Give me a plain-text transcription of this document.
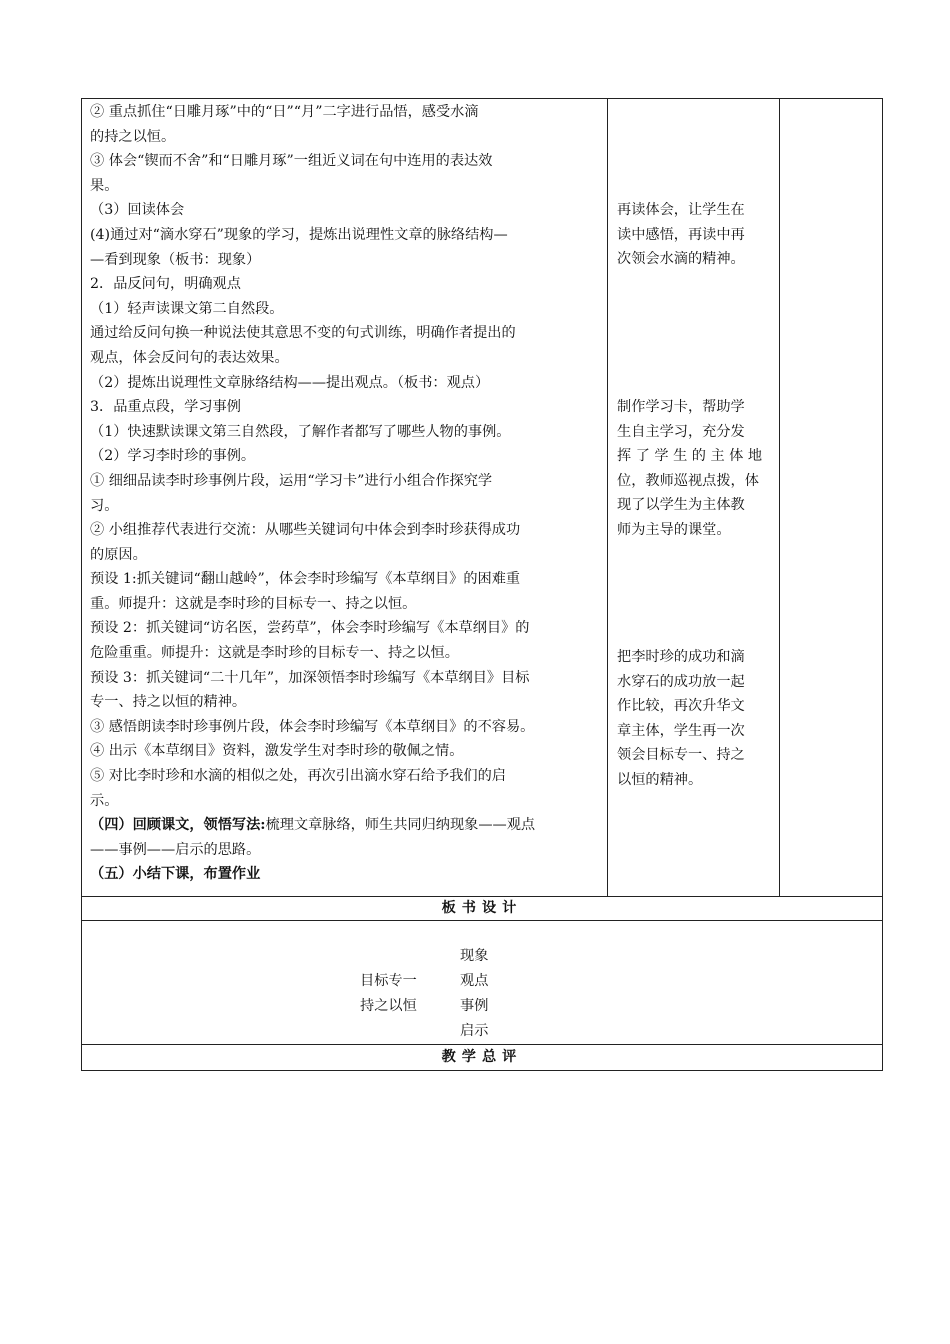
② 重点抓住“日雕月琢”中的“日”“月”二字进行品悟，感受水滴
的持之以恒。
③ 体会“锲而不舍”和“日雕月琢”一组近义词在句中连用的表达效
果。
（3）回读体会
(4)通过对“滴水穿石”现象的学习，提炼出说理性文章的脉络结构—
—看到现象（板书：现象）
2．品反问句，明确观点
（1）轻声读课文第二自然段。
通过给反问句换一种说法使其意思不变的句式训练，明确作者提出的
观点，体会反问句的表达效果。
（2）提炼出说理性文章脉络结构——提出观点。（板书：观点）
3．品重点段，学习事例
（1）快速默读课文第三自然段，了解作者都写了哪些人物的事例。
（2）学习李时珍的事例。
① 细细品读李时珍事例片段，运用“学习卡”进行小组合作探究学
习。
② 小组推荐代表进行交流：从哪些关键词句中体会到李时珍获得成功
的原因。
预设 1:抓关键词“翻山越岭”，体会李时珍编写《本草纲目》的困难重
重。师提升：这就是李时珍的目标专一、持之以恒。
预设 2：抓关键词“访名医，尝药草”，体会李时珍编写《本草纲目》的
危险重重。师提升：这就是李时珍的目标专一、持之以恒。
预设 3：抓关键词“二十几年”，加深领悟李时珍编写《本草纲目》目标
专一、持之以恒的精神。
③ 感悟朗读李时珍事例片段，体会李时珍编写《本草纲目》的不容易。
④ 出示《本草纲目》资料，激发学生对李时珍的敬佩之情。
⑤ 对比李时珍和水滴的相似之处，再次引出滴水穿石给予我们的启
示。
（四）回顾课文，领悟写法:梳理文章脉络，师生共同归纳现象——观点
——事例——启示的思路。
（五）小结下课，布置作业
再读体会，让学生在
读中感悟，再读中再
次领会水滴的精神。
制作学习卡，帮助学
生自主学习，充分发
挥 了 学 生 的 主 体 地
位，教师巡视点拨，体
现了以学生为主体教
师为主导的课堂。
把李时珍的成功和滴
水穿石的成功放一起
作比较，再次升华文
章主体，学生再一次
领会目标专一、持之
以恒的精神。
板书设计
目标专一
持之以恒
现象
观点
事例
启示
教学总评
